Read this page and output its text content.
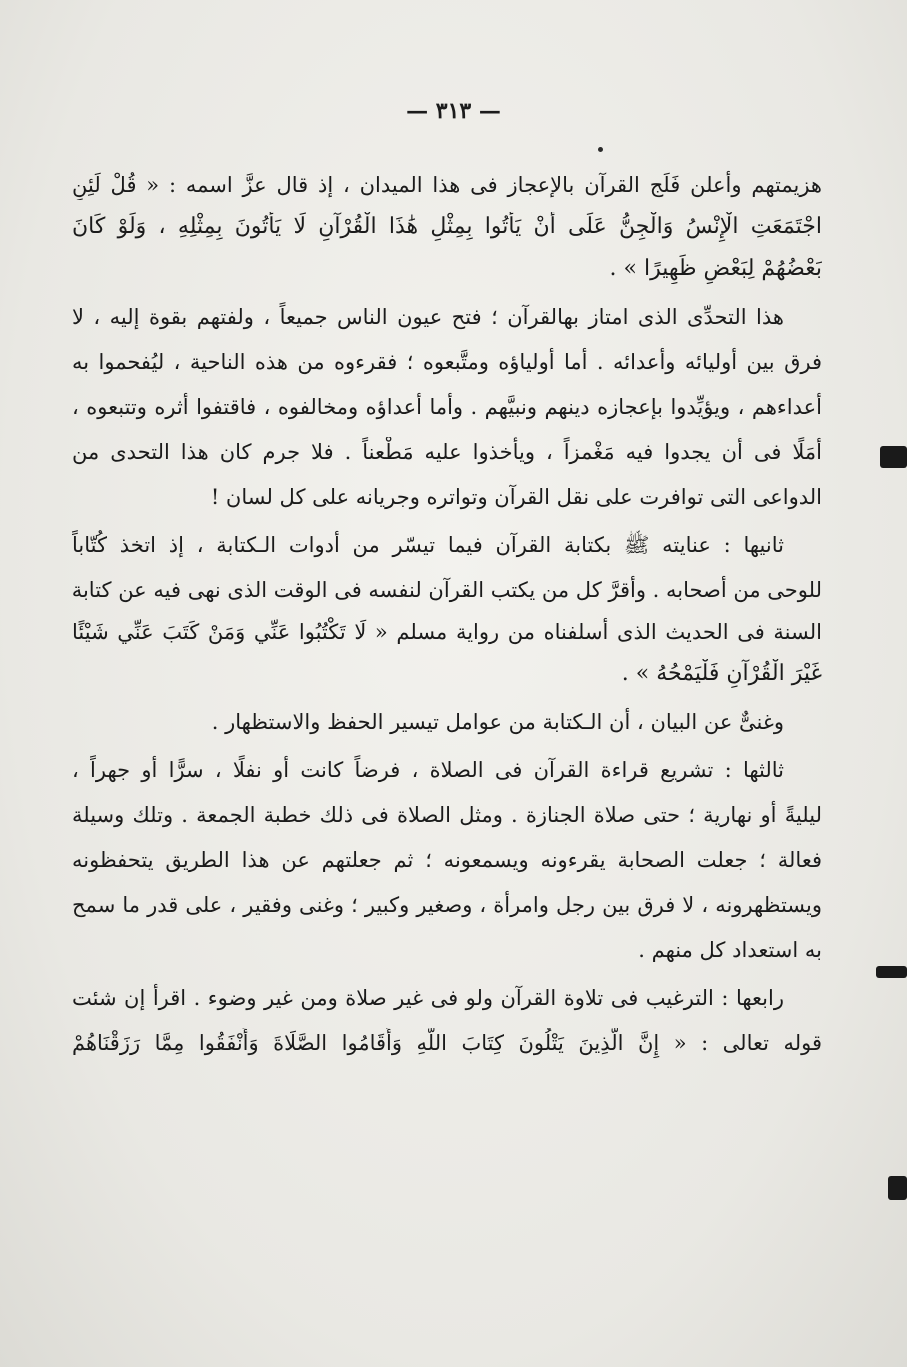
— ٣١٣ —
هزيمتهم وأعلن فَلَج القرآن بالإعجاز فى هذا الميدان ، إذ قال عزَّ اسمه : « قُلْ لَئِنِ
اجْتَمَعَتِ الْإِنْسُ وَالْجِنُّ عَلَى أَنْ يَأْتُوا بِمِثْلِ هَٰذَا الْقُرْآنِ لَا يَأْتُونَ بِمِثْلِهِ ، وَلَوْ كَانَ
بَعْضُهُمْ لِبَعْضٍ ظَهِيرًا » .
هذا التحدِّى الذى امتاز بهالقرآن ؛ فتح عيون الناس جميعاً ، ولفتهم بقوة إليه ، لا
فرق بين أوليائه وأعدائه . أما أولياؤه ومتَّبعوه ؛ فقرءوه من هذه الناحية ، ليُفحموا به
أعداءهم ، ويؤيِّدوا بإعجازه دينهم ونبيَّهم . وأما أعداؤه ومخالفوه ، فاقتفوا أثره وتتبعوه ،
أمَلًا فى أن يجدوا فيه مَغْمزاً ، ويأخذوا عليه مَطْعناً . فلا جرم كان هذا التحدى من
الدواعى التى توافرت على نقل القرآن وتواتره وجريانه على كل لسان !
ثانيها : عنايته ﷺ بكتابة القرآن فيما تيسّر من أدوات الـكتابة ، إذ اتخذ كُتّاباً
للوحى من أصحابه . وأقرَّ كل من يكتب القرآن لنفسه فى الوقت الذى نهى فيه عن كتابة
السنة فى الحديث الذى أسلفناه من رواية مسلم « لَا تَكْتُبُوا عَنِّي وَمَنْ كَتَبَ عَنِّي شَيْئًا
غَيْرَ الْقُرْآنِ فَلْيَمْحُهُ » .
وغنىٌّ عن البيان ، أن الـكتابة من عوامل تيسير الحفظ والاستظهار .
ثالثها : تشريع قراءة القرآن فى الصلاة ، فرضاً كانت أو نفلًا ، سرًّا أو جهراً ،
ليليةً أو نهارية ؛ حتى صلاة الجنازة . ومثل الصلاة فى ذلك خطبة الجمعة . وتلك وسيلة
فعالة ؛ جعلت الصحابة يقرءونه ويسمعونه ؛ ثم جعلتهم عن هذا الطريق يتحفظونه
ويستظهرونه ، لا فرق بين رجل وامرأة ، وصغير وكبير ؛ وغنى وفقير ، على قدر ما سمح
به استعداد كل منهم .
رابعها : الترغيب فى تلاوة القرآن ولو فى غير صلاة ومن غير وضوء . اقرأ إن شئت
قوله تعالى : « إِنَّ الَّذِينَ يَتْلُونَ كِتَابَ اللَّهِ وَأَقَامُوا الصَّلَاةَ وَأَنْفَقُوا مِمَّا رَزَقْنَاهُمْ
